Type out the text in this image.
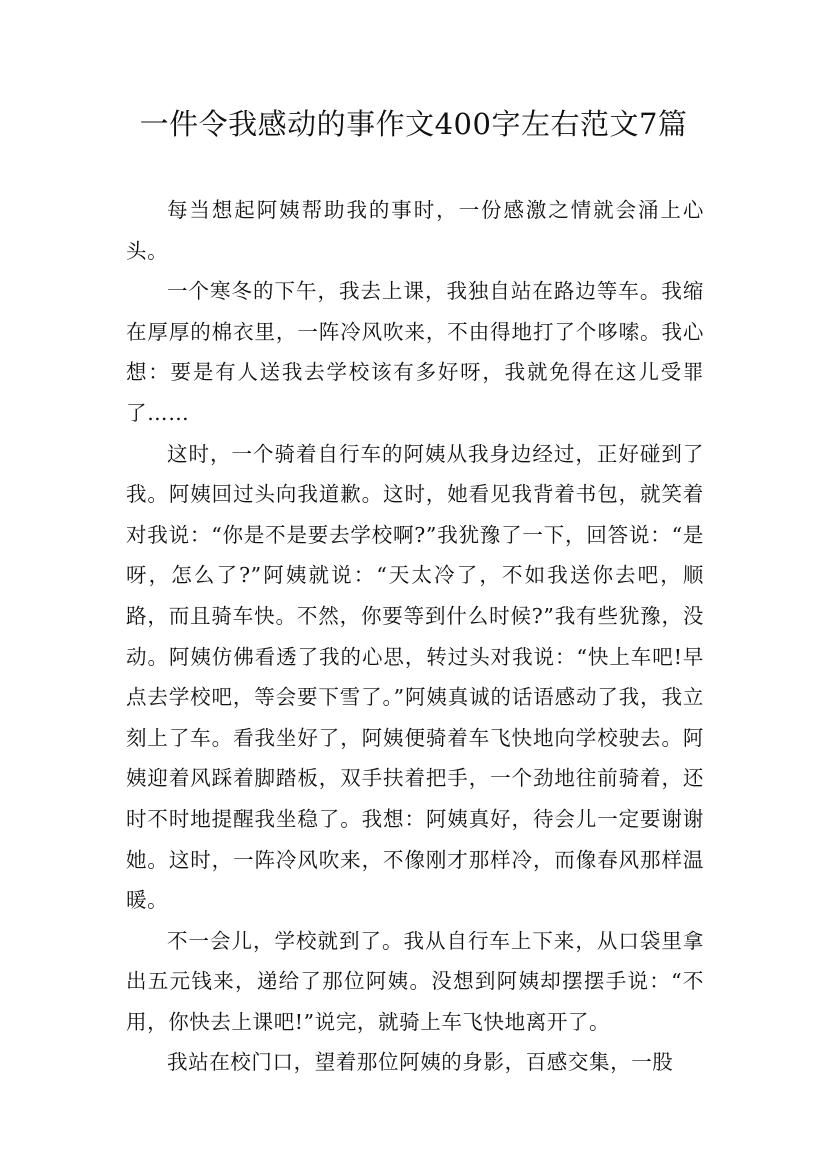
一件令我感动的事作文400字左右范文7篇

每当想起阿姨帮助我的事时，一份感激之情就会涌上心头。

一个寒冬的下午，我去上课，我独自站在路边等车。我缩在厚厚的棉衣里，一阵冷风吹来，不由得地打了个哆嗦。我心想：要是有人送我去学校该有多好呀，我就免得在这儿受罪了……

这时，一个骑着自行车的阿姨从我身边经过，正好碰到了我。阿姨回过头向我道歉。这时，她看见我背着书包，就笑着对我说：“你是不是要去学校啊?”我犹豫了一下，回答说：“是呀，怎么了?”阿姨就说：“天太冷了，不如我送你去吧，顺路，而且骑车快。不然，你要等到什么时候?”我有些犹豫，没动。阿姨仿佛看透了我的心思，转过头对我说：“快上车吧!早点去学校吧，等会要下雪了。”阿姨真诚的话语感动了我，我立刻上了车。看我坐好了，阿姨便骑着车飞快地向学校驶去。阿姨迎着风踩着脚踏板，双手扶着把手，一个劲地往前骑着，还时不时地提醒我坐稳了。我想：阿姨真好，待会儿一定要谢谢她。这时，一阵冷风吹来，不像刚才那样冷，而像春风那样温暖。

不一会儿，学校就到了。我从自行车上下来，从口袋里拿出五元钱来，递给了那位阿姨。没想到阿姨却摆摆手说：“不用，你快去上课吧!”说完，就骑上车飞快地离开了。

我站在校门口，望着那位阿姨的身影，百感交集，一股
